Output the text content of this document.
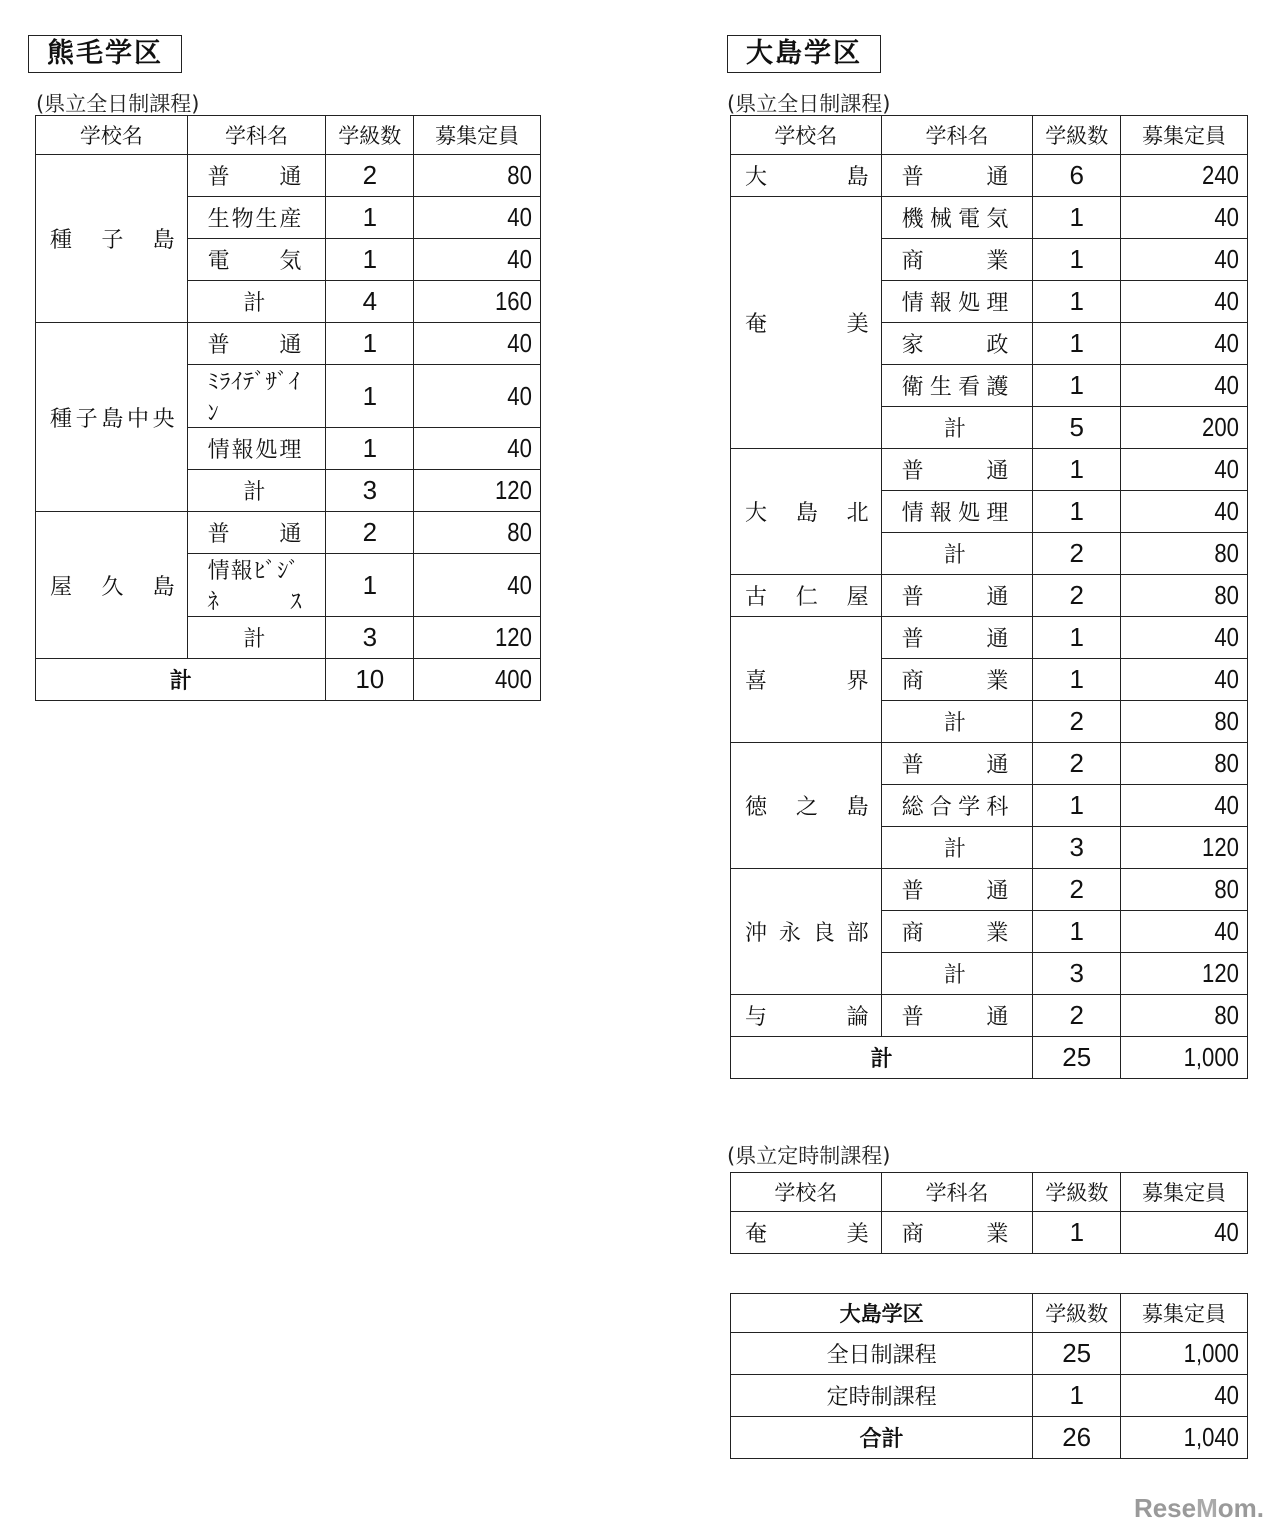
熊毛学区
(県立全日制課程)
学校名	学科名	学級数	募集定員
種子島	普通	2	80
	生物生産	1	40
	電気	1	40
	計	4	160
種子島中央	普通	1	40
	ﾐﾗｲﾃﾞｻﾞｲﾝ	1	40
	情報処理	1	40
	計	3	120
屋久島	普通	2	80
	情報ﾋﾞｼﾞﾈｽ	1	40
	計	3	120
計		10	400
大島学区
(県立全日制課程)
学校名	学科名	学級数	募集定員
大島	普通	6	240
奄美	機械電気	1	40
	商業	1	40
	情報処理	1	40
	家政	1	40
	衛生看護	1	40
	計	5	200
大島北	普通	1	40
	情報処理	1	40
	計	2	80
古仁屋	普通	2	80
喜界	普通	1	40
	商業	1	40
	計	2	80
徳之島	普通	2	80
	総合学科	1	40
	計	3	120
沖永良部	普通	2	80
	商業	1	40
	計	3	120
与論	普通	2	80
計		25	1,000
(県立定時制課程)
学校名	学科名	学級数	募集定員
奄美	商業	1	40
大島学区	学級数	募集定員
全日制課程	25	1,000
定時制課程	1	40
合計	26	1,040
ReseMom.
